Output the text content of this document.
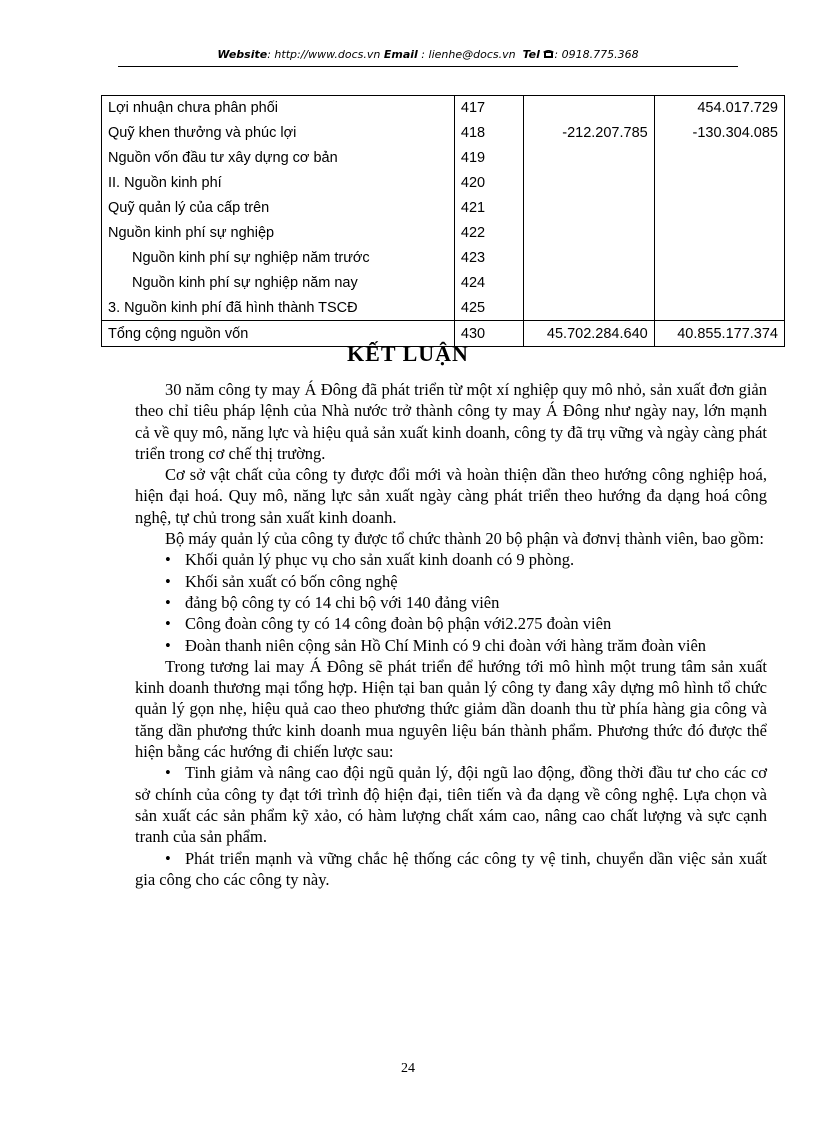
Website: http://www.docs.vn Email : lienhe@docs.vn Tel : 0918.775.368
Lợi nhuận chưa phân phối	417		454.017.729
Quỹ khen thưởng và phúc lợi	418	-212.207.785	-130.304.085
Nguồn vốn đầu tư xây dựng cơ bản	419		
II. Nguồn kinh phí	420		
Quỹ quản lý của cấp trên	421		
Nguồn kinh phí sự nghiệp	422		
Nguồn kinh phí sự nghiệp năm trước	423		
Nguồn kinh phí sự nghiệp năm nay	424		
3. Nguồn kinh phí đã hình thành TSCĐ	425		
Tổng cộng nguồn vốn	430	45.702.284.640	40.855.177.374
KẾT LUẬN

30 năm công ty may Á Đông đã phát triển từ một xí nghiệp quy mô nhỏ, sản xuất đơn giản theo chỉ tiêu pháp lệnh của Nhà nước trở thành công ty may Á Đông như ngày nay, lớn mạnh cả về quy mô, năng lực và hiệu quả sản xuất kinh doanh, công ty đã trụ vững và ngày càng phát triển trong cơ chế thị trường.

Cơ sở vật chất của công ty được đổi mới và hoàn thiện dần theo hướng công nghiệp hoá, hiện đại hoá. Quy mô, năng lực sản xuất ngày càng phát triển theo hướng đa dạng hoá công nghệ, tự chủ trong sản xuất kinh doanh.

Bộ máy quản lý của công ty được tổ chức thành 20 bộ phận và đơnvị thành viên, bao gồm:

• Khối quản lý phục vụ cho sản xuất kinh doanh có 9 phòng.
• Khối sản xuất có bốn công nghệ
• đảng bộ công ty có 14 chi bộ với 140 đảng viên
• Công đoàn công ty có 14 công đoàn bộ phận với2.275 đoàn viên
• Đoàn thanh niên cộng sản Hồ Chí Minh có 9 chi đoàn với hàng trăm đoàn viên

Trong tương lai may Á Đông sẽ phát triển để hướng tới mô hình một trung tâm sản xuất kinh doanh thương mại tổng hợp. Hiện tại ban quản lý công ty đang xây dựng mô hình tổ chức quản lý gọn nhẹ, hiệu quả cao theo phương thức giảm dần doanh thu từ phía hàng gia công và tăng dần phương thức kinh doanh mua nguyên liệu bán thành phẩm. Phương thức đó được thể hiện bằng các hướng đi chiến lược sau:

• Tinh giảm và nâng cao đội ngũ quản lý, đội ngũ lao động, đồng thời đầu tư cho các cơ sở chính của công ty đạt tới trình độ hiện đại, tiên tiến và đa dạng về công nghệ. Lựa chọn và sản xuất các sản phẩm kỹ xảo, có hàm lượng chất xám cao, nâng cao chất lượng và sực cạnh tranh của sản phẩm.
• Phát triển mạnh và vững chắc hệ thống các công ty vệ tinh, chuyển dần việc sản xuất gia công cho các công ty này.
24
